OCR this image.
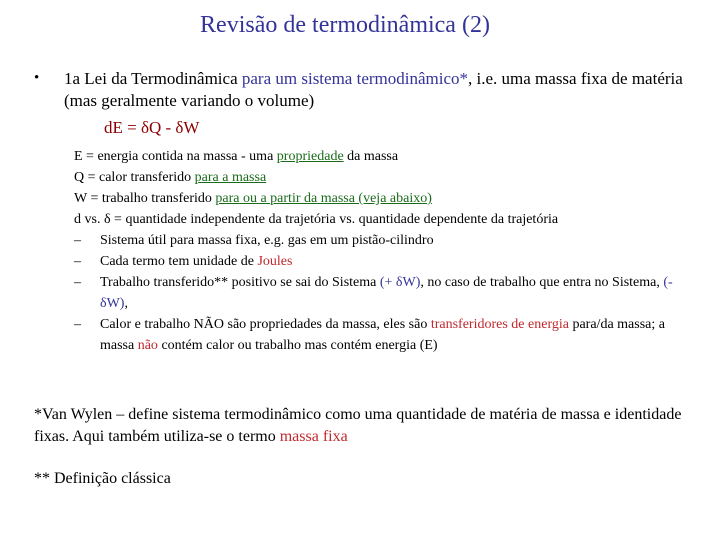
Revisão de termodinâmica (2)
• 1a Lei da Termodinâmica para um sistema termodinâmico*, i.e. uma massa fixa de matéria (mas geralmente variando o volume)
dE = δQ - δW
E = energia contida na massa - uma propriedade da massa
Q = calor transferido para a massa
W = trabalho transferido para ou a partir da massa (veja abaixo)
d vs. δ = quantidade independente da trajetória vs. quantidade dependente da trajetória
– Sistema útil para massa fixa, e.g. gas em um pistão-cilindro
– Cada termo tem unidade de Joules
– Trabalho transferido** positivo se sai do Sistema (+ δW), no caso de trabalho que entra no Sistema, (- δW),
– Calor e trabalho NÃO são propriedades da massa, eles são transferidores de energia para/da massa; a massa não contém calor ou trabalho mas contém energia (E)
*Van Wylen – define sistema termodinâmico como uma quantidade de matéria de massa e identidade fixas. Aqui também utiliza-se o termo massa fixa
** Definição clássica
